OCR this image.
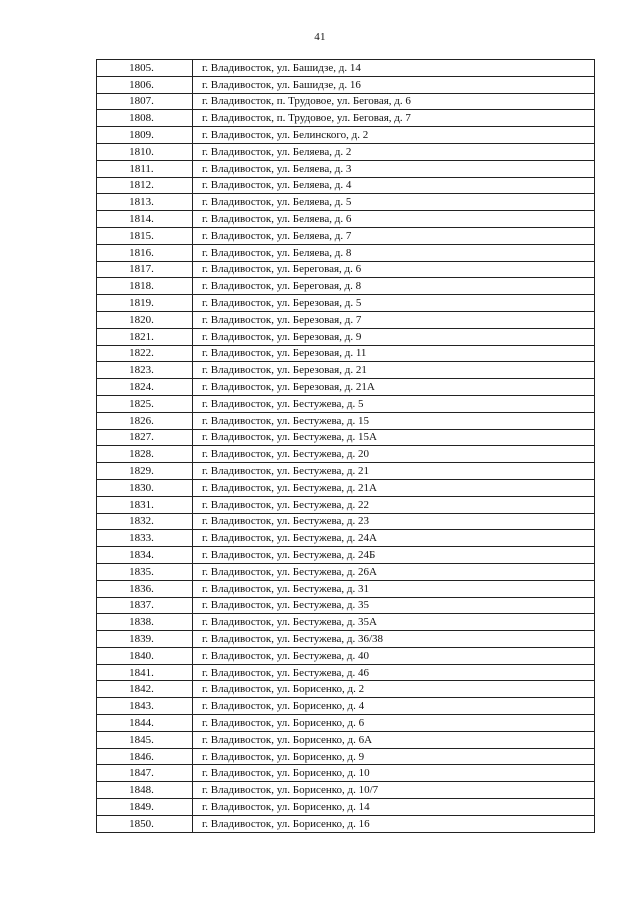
41
1805.	г. Владивосток, ул. Башидзе, д. 14
1806.	г. Владивосток, ул. Башидзе, д. 16
1807.	г. Владивосток, п. Трудовое, ул. Беговая, д. 6
1808.	г. Владивосток, п. Трудовое, ул. Беговая, д. 7
1809.	г. Владивосток, ул. Белинского, д. 2
1810.	г. Владивосток, ул. Беляева, д. 2
1811.	г. Владивосток, ул. Беляева, д. 3
1812.	г. Владивосток, ул. Беляева, д. 4
1813.	г. Владивосток, ул. Беляева, д. 5
1814.	г. Владивосток, ул. Беляева, д. 6
1815.	г. Владивосток, ул. Беляева, д. 7
1816.	г. Владивосток, ул. Беляева, д. 8
1817.	г. Владивосток, ул. Береговая, д. 6
1818.	г. Владивосток, ул. Береговая, д. 8
1819.	г. Владивосток, ул. Березовая, д. 5
1820.	г. Владивосток, ул. Березовая, д. 7
1821.	г. Владивосток, ул. Березовая, д. 9
1822.	г. Владивосток, ул. Березовая, д. 11
1823.	г. Владивосток, ул. Березовая, д. 21
1824.	г. Владивосток, ул. Березовая, д. 21А
1825.	г. Владивосток, ул. Бестужева, д. 5
1826.	г. Владивосток, ул. Бестужева, д. 15
1827.	г. Владивосток, ул. Бестужева, д. 15А
1828.	г. Владивосток, ул. Бестужева, д. 20
1829.	г. Владивосток, ул. Бестужева, д. 21
1830.	г. Владивосток, ул. Бестужева, д. 21А
1831.	г. Владивосток, ул. Бестужева, д. 22
1832.	г. Владивосток, ул. Бестужева, д. 23
1833.	г. Владивосток, ул. Бестужева, д. 24А
1834.	г. Владивосток, ул. Бестужева, д. 24Б
1835.	г. Владивосток, ул. Бестужева, д. 26А
1836.	г. Владивосток, ул. Бестужева, д. 31
1837.	г. Владивосток, ул. Бестужева, д. 35
1838.	г. Владивосток, ул. Бестужева, д. 35А
1839.	г. Владивосток, ул. Бестужева, д. 36/38
1840.	г. Владивосток, ул. Бестужева, д. 40
1841.	г. Владивосток, ул. Бестужева, д. 46
1842.	г. Владивосток, ул. Борисенко, д. 2
1843.	г. Владивосток, ул. Борисенко, д. 4
1844.	г. Владивосток, ул. Борисенко, д. 6
1845.	г. Владивосток, ул. Борисенко, д. 6А
1846.	г. Владивосток, ул. Борисенко, д. 9
1847.	г. Владивосток, ул. Борисенко, д. 10
1848.	г. Владивосток, ул. Борисенко, д. 10/7
1849.	г. Владивосток, ул. Борисенко, д. 14
1850.	г. Владивосток, ул. Борисенко, д. 16
